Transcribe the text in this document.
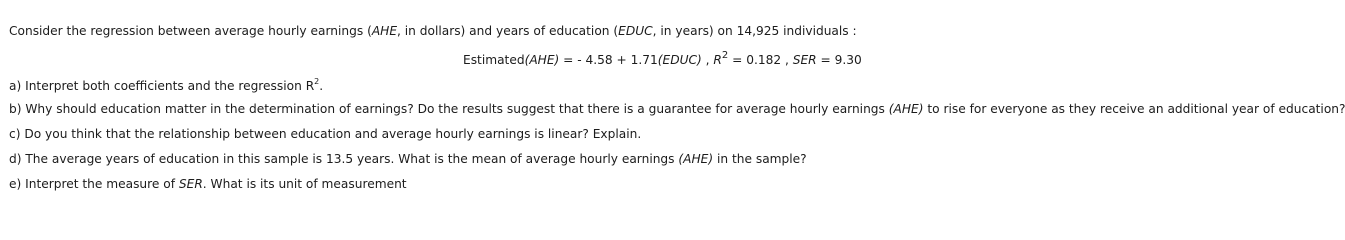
Consider the regression between average hourly earnings (AHE, in dollars) and years of education (EDUC, in years) on 14,925 individuals :
Estimated(AHE) = - 4.58 + 1.71(EDUC) , $R^2 = 0.182$ , SER = 9.30
a) Interpret both coefficients and the regression $R^2$.
b) Why should education matter in the determination of earnings? Do the results suggest that there is a guarantee for average hourly earnings (AHE) to rise for everyone as they receive an additional year of education?
c) Do you think that the relationship between education and average hourly earnings is linear? Explain.
d) The average years of education in this sample is 13.5 years. What is the mean of average hourly earnings (AHE) in the sample?
e) Interpret the measure of SER. What is its unit of measurement
